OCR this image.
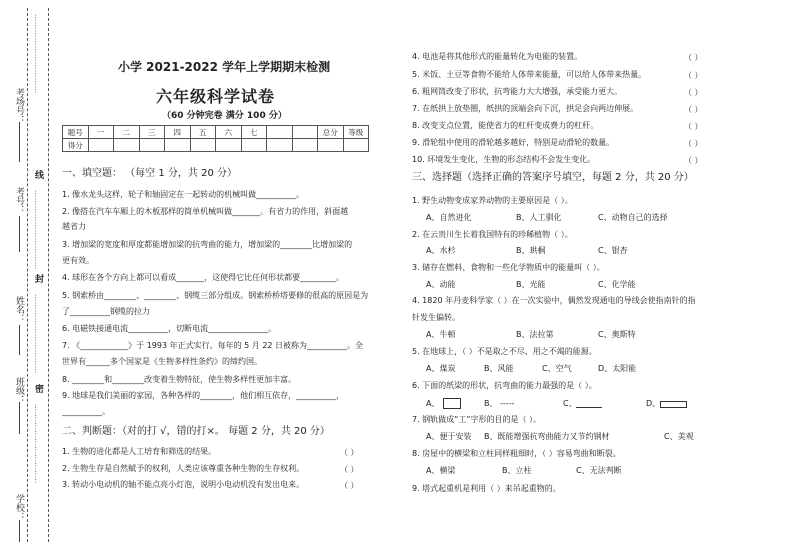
考场号：
考号：
姓名：
班级：
学校：
线
封
密
…………………………
…………………………
…………………………
…………………………
小学 2021-2022 学年上学期期末检测
六年级科学试卷
（60 分钟完卷 满分 100 分）
题号	一	二	三	四	五	六	七			总分	等级
得分											
一、填空题： （每空 1 分，共 20 分）
1. 像水龙头这样，轮子和轴固定在一起转动的机械叫做__________。
2. 像搭在汽车车厢上的木板那样的简单机械叫做_______。有省力的作用，斜面越
越省力
3. 增加梁的宽度和厚度都能增加梁的抗弯曲的能力，增加梁的________比增加梁的
更有效。
4. 球形在各个方向上都可以看成_______，这使得它比任何形状都要_________。
5. 钢索桥由________、________、钢缆三部分组成。钢索桥桥塔要修的很高的原因是为
了__________钢缆的拉力
6. 电磁铁接通电流__________，切断电流_______________。
7. 《____________》于 1993 年正式实行。每年的 5 月 22 日被称为__________。全
世界有______多个国家是《生物多样性条约》的缔约国。
8. ________和________改变着生物特征，使生物多样性更加丰富。
9. 地球是我们美丽的家园，各种各样的________，他们相互依存，__________，
__________。
二、判断题：（对的打 √，错的打×。 每题 2 分，共 20 分）
1. 生物的进化都是人工培育和筛选的结果。	（ ）
2. 生物生存是自然赋予的权利，人类应该尊重各种生物的生存权利。	（ ）
3. 转动小电动机的轴不能点亮小灯泡，说明小电动机没有发出电来。	（ ）
4. 电池是将其他形式的能量转化为电能的装置。	（ ）
5. 米饭、土豆等食物不能给人体带来能量，可以给人体带来热量。	（ ）
6. 粗网筒改变了形状，抗弯能力大大增强，承受能力更大。	（ ）
7. 在纸拱上放垫圈，纸拱的顶端会向下沉，拱足会向两边伸展。	（ ）
8. 改变支点位置，能使省力的杠杆变成费力的杠杆。	（ ）
9. 滑轮组中使用的滑轮越多越好，特别是动滑轮的数量。	（ ）
10. 环境发生变化，生物的形态结构不会发生变化。	（ ）
三、选择题（选择正确的答案序号填空，每题 2 分，共 20 分）
1. 野生动物变成家养动物的主要原因是（ ）。
A、自然进化	B、人工驯化	C、动物自己的选择
2. 在云贵川生长着我国特有的珍稀植物（ ）。
A、水杉	B、珙桐	C、银杏
3. 储存在燃料、食物和一些化学物质中的能量叫（ ）。
A、动能	B、光能	C、化学能
4. 1820 年丹麦科学家（ ）在一次实验中，偶然发现通电的导线会使指南针的指
针发生偏转。
A、牛顿	B、法拉第	C、奥斯特
5. 在地球上，（ ）不是取之不尽、用之不竭的能源。
A、煤炭	B、风能	C、空气	D、太阳能
6. 下面的纸梁的形状，抗弯曲的能力最强的是（ ）。
A、	B、 -----	C、	D、
7. 钢轨做成“工”字形的目的是（ ）。
A、便于安装 B、既能增强抗弯曲能力又节约钢材	C、美观
8. 房屋中的横梁和立柱同样粗细时，（ ）容易弯曲和断裂。
A、横梁	B、立柱	C、无法判断
9. 塔式起重机是利用（ ）来吊起重物的。
